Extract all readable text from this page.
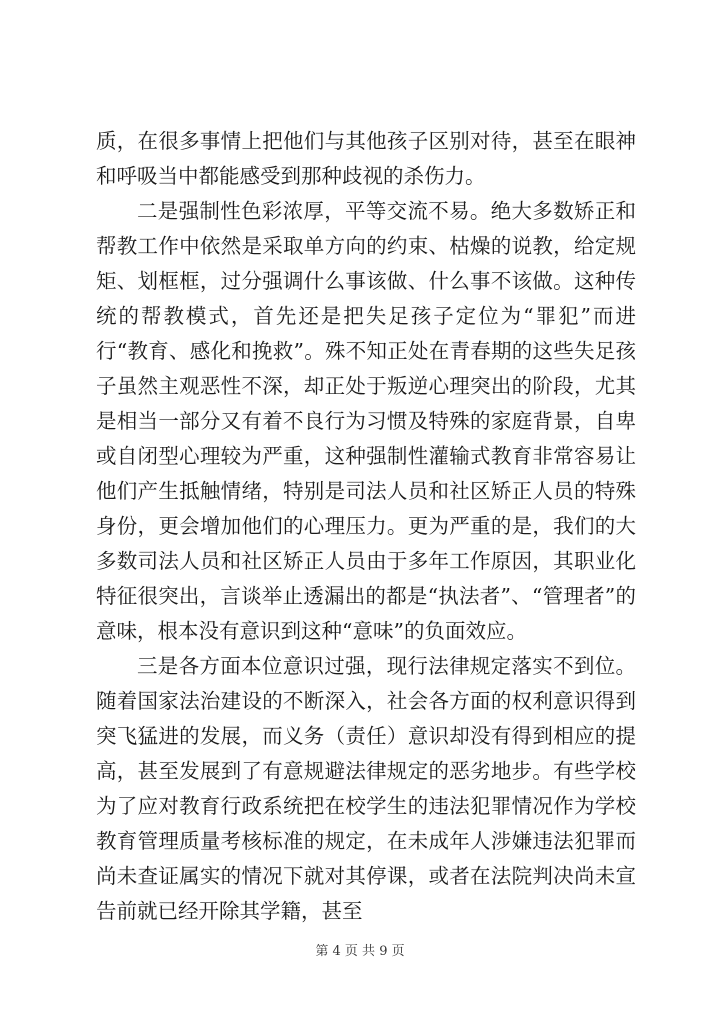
质，在很多事情上把他们与其他孩子区别对待，甚至在眼神和呼吸当中都能感受到那种歧视的杀伤力。

二是强制性色彩浓厚，平等交流不易。绝大多数矫正和帮教工作中依然是采取单方向的约束、枯燥的说教，给定规矩、划框框，过分强调什么事该做、什么事不该做。这种传统的帮教模式，首先还是把失足孩子定位为“罪犯”而进行“教育、感化和挽救”。殊不知正处在青春期的这些失足孩子虽然主观恶性不深，却正处于叛逆心理突出的阶段，尤其是相当一部分又有着不良行为习惯及特殊的家庭背景，自卑或自闭型心理较为严重，这种强制性灌输式教育非常容易让他们产生抵触情绪，特别是司法人员和社区矫正人员的特殊身份，更会增加他们的心理压力。更为严重的是，我们的大多数司法人员和社区矫正人员由于多年工作原因，其职业化特征很突出，言谈举止透漏出的都是“执法者”、“管理者”的意味，根本没有意识到这种“意味”的负面效应。

三是各方面本位意识过强，现行法律规定落实不到位。随着国家法治建设的不断深入，社会各方面的权利意识得到突飞猛进的发展，而义务（责任）意识却没有得到相应的提高，甚至发展到了有意规避法律规定的恶劣地步。有些学校为了应对教育行政系统把在校学生的违法犯罪情况作为学校教育管理质量考核标准的规定，在未成年人涉嫌违法犯罪而尚未查证属实的情况下就对其停课，或者在法院判决尚未宣告前就已经开除其学籍，甚至

第 4 页 共 9 页
